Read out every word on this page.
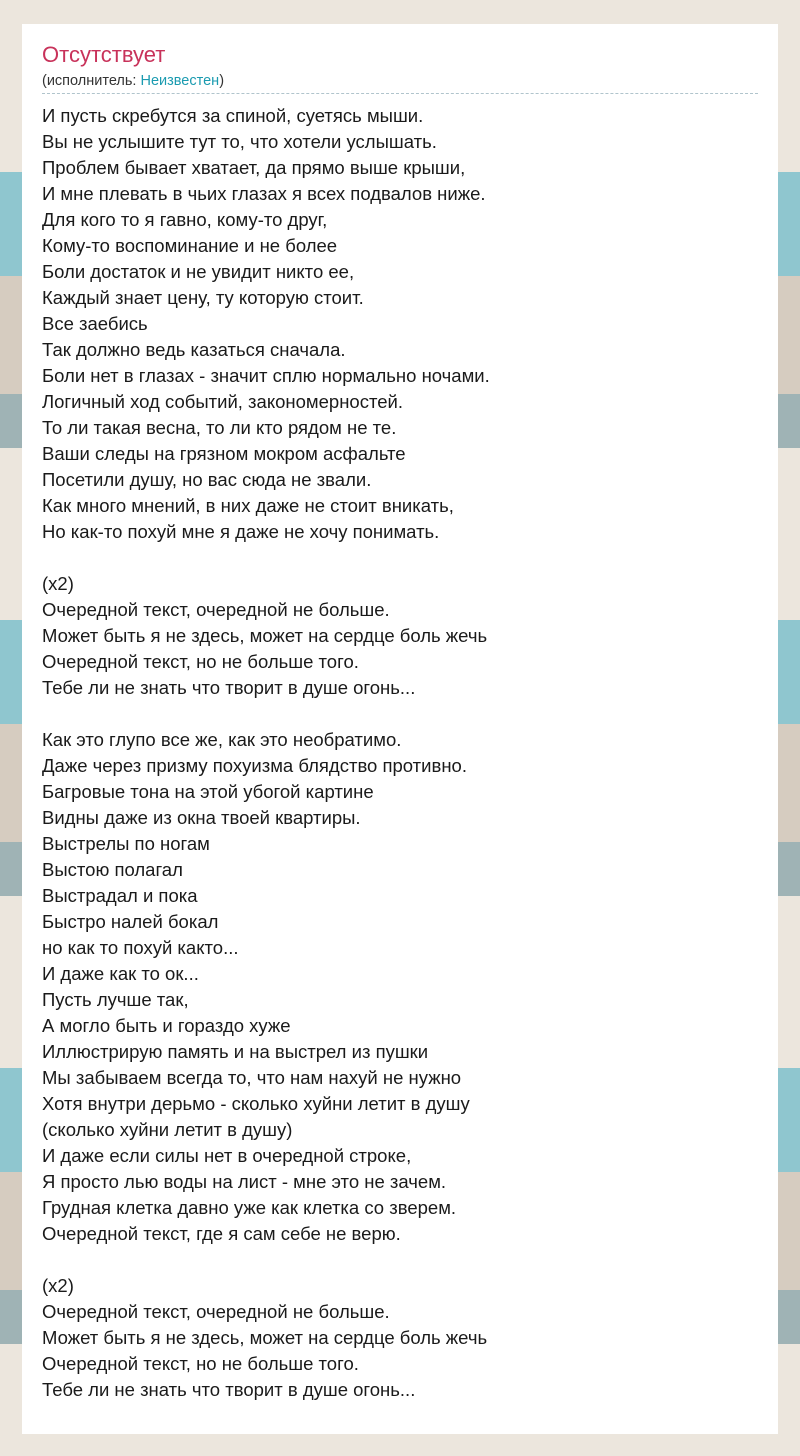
Отсутствует
(исполнитель: Неизвестен)
И пусть скребутся за спиной, суетясь мыши.
Вы не услышите тут то, что хотели услышать.
Проблем бывает хватает, да прямо выше крыши,
И мне плевать в чьих глазах я всех подвалов ниже.
Для кого то я гавно, кому-то друг,
Кому-то воспоминание и не более
Боли достаток и не увидит никто ее,
Каждый знает цену, ту которую стоит.
Все заебись
Так должно ведь казаться сначала.
Боли нет в глазах - значит сплю нормально ночами.
Логичный ход событий, закономерностей.
То ли такая весна, то ли кто рядом не те.
Ваши следы на грязном мокром асфальте
Посетили душу, но вас сюда не звали.
Как много мнений, в них даже не стоит вникать,
Но как-то похуй мне я даже не хочу понимать.

(x2)
Очередной текст, очередной не больше.
Может быть я не здесь, может на сердце боль жечь
Очередной текст, но не больше того.
Тебе ли не знать что творит в душе огонь...

Как это глупо все же, как это необратимо.
Даже через призму похуизма блядство противно.
Багровые тона на этой убогой картине
Видны даже из окна твоей квартиры.
Выстрелы по ногам
Выстою полагал
Выстрадал и пока
Быстро налей бокал
но как то похуй както...
И даже как то ок...
Пусть лучше так,
А могло быть и гораздо хуже
Иллюстрирую память и на выстрел из пушки
Мы забываем всегда то, что нам нахуй не нужно
Хотя внутри дерьмо - сколько хуйни летит в душу
(сколько хуйни летит в душу)
И даже если силы нет в очередной строке,
Я просто лью воды на лист - мне это не зачем.
Грудная клетка давно уже как клетка со зверем.
Очередной текст, где я сам себе не верю.

(x2)
Очередной текст, очередной не больше.
Может быть я не здесь, может на сердце боль жечь
Очередной текст, но не больше того.
Тебе ли не знать что творит в душе огонь...
